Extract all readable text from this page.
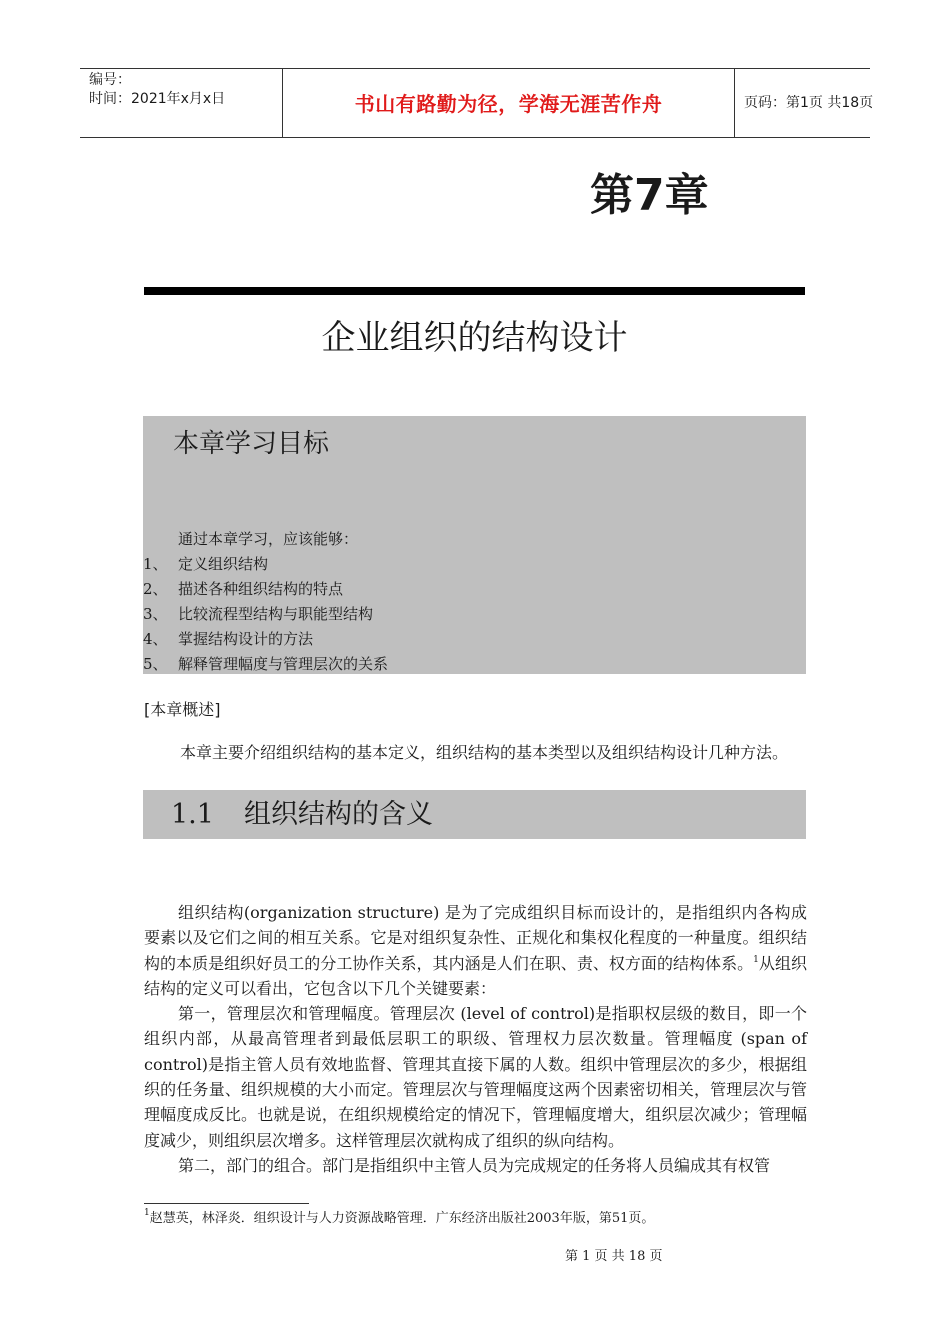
编号：
时间：2021年x月x日	书山有路勤为径，学海无涯苦作舟	页码：第1页 共18页
第7章
企业组织的结构设计
本章学习目标
通过本章学习，应该能够：
1、 定义组织结构
2、 描述各种组织结构的特点
3、 比较流程型结构与职能型结构
4、 掌握结构设计的方法
5、 解释管理幅度与管理层次的关系
[本章概述]
本章主要介绍组织结构的基本定义，组织结构的基本类型以及组织结构设计几种方法。
1.1 组织结构的含义

组织结构(organization structure) 是为了完成组织目标而设计的，是指组织内各构成要素以及它们之间的相互关系。它是对组织复杂性、正规化和集权化程度的一种量度。组织结构的本质是组织好员工的分工协作关系，其内涵是人们在职、责、权方面的结构体系。$^1$从组织结构的定义可以看出，它包含以下几个关键要素：

第一，管理层次和管理幅度。管理层次 (level of control)是指职权层级的数目，即一个组织内部，从最高管理者到最低层职工的职级、管理权力层次数量。管理幅度 (span of control)是指主管人员有效地监督、管理其直接下属的人数。组织中管理层次的多少，根据组织的任务量、组织规模的大小而定。管理层次与管理幅度这两个因素密切相关，管理层次与管理幅度成反比。也就是说，在组织规模给定的情况下，管理幅度增大，组织层次减少；管理幅度减少，则组织层次增多。这样管理层次就构成了组织的纵向结构。

第二，部门的组合。部门是指组织中主管人员为完成规定的任务将人员编成其有权管

$^1$赵慧英，林泽炎．组织设计与人力资源战略管理．广东经济出版社2003年版，第51页。
第 1 页 共 18 页
